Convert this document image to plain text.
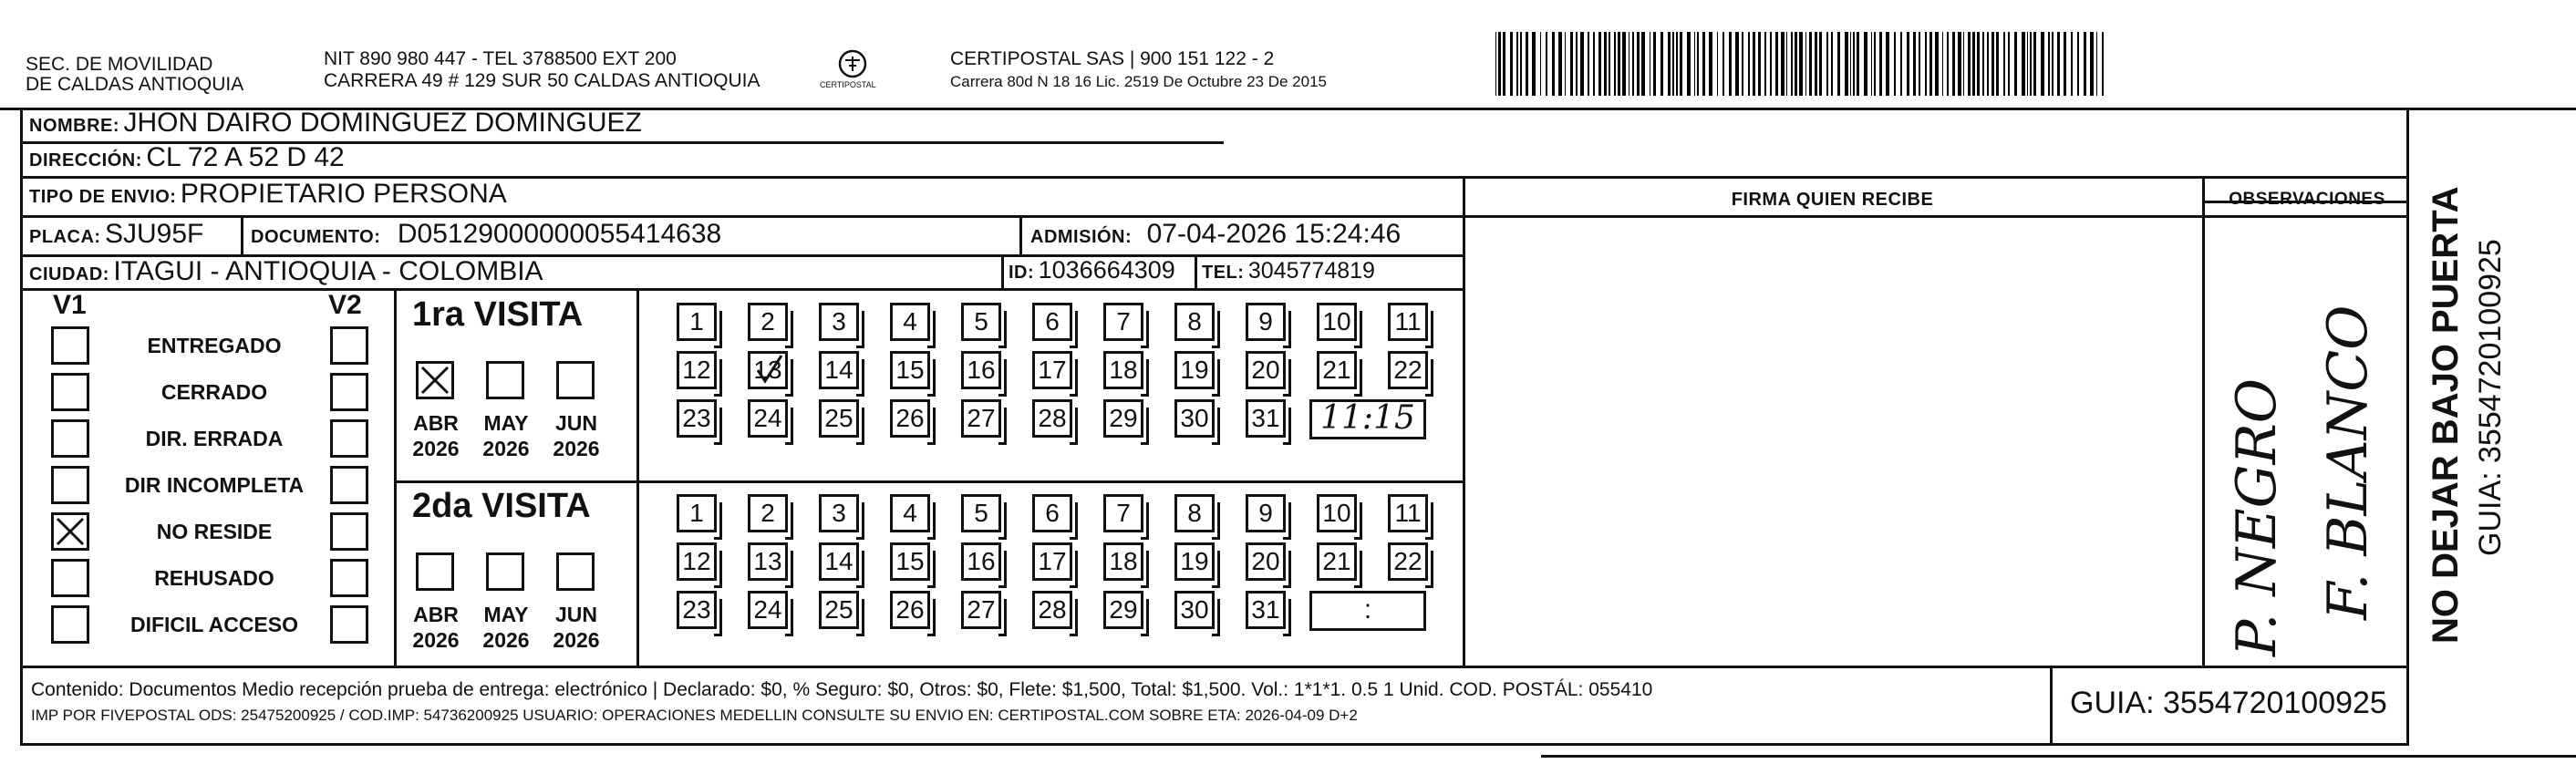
SEC. DE MOVILIDAD
DE CALDAS ANTIOQUIA
NIT 890 980 447 - TEL 3788500 EXT 200
CARRERA 49 # 129 SUR 50 CALDAS ANTIOQUIA	CERTIPOSTAL
CERTIPOSTAL SAS | 900 151 122 - 2
Carrera 80d N 18 16 Lic. 2519 De Octubre 23 De 2015
NOMBRE: JHON DAIRO DOMINGUEZ DOMINGUEZ
DIRECCIÓN: CL 72 A 52 D 42
TIPO DE ENVIO: PROPIETARIO PERSONA	FIRMA QUIEN RECIBE	OBSERVACIONES
PLACA: SJU95F	DOCUMENTO: D05129000000055414638	ADMISIÓN: 07-04-2026 15:24:46
CIUDAD: ITAGUI - ANTIOQUIA - COLOMBIA	ID: 1036664309 TEL: 3045774819
V1	V2
ENTREGADO
CERRADO
DIR. ERRADA
DIR INCOMPLETA
NO RESIDE
REHUSADO
DIFICIL ACCESO
1ra VISITA
2da VISITA
ABR
2026
MAY
2026
JUN
2026
1	2	3	4	5	6	7	8	9	10 11
12 13 14 15 16 17 18 19 20 21 22
23 24 25 26 27 28 29 30 31	11:15
ABR
2026
MAY
2026
JUN
2026
1	2	3	4	5	6	7	8	9	10 11
12 13 14 15 16 17 18 19 20 21 22
23 24 25 26 27 28 29 30 31	:	P. NEGRO F. BLANCO NO DEJAR BAJO PUERTA GUIA: 3554720100925
Contenido: Documentos Medio recepción prueba de entrega: electrónico | Declarado: $0, % Seguro: $0, Otros: $0, Flete: $1,500, Total: $1,500. Vol.: 1*1*1. 0.5 1 Unid. COD. POSTÁL: 055410
IMP POR FIVEPOSTAL ODS: 25475200925 / COD.IMP: 54736200925 USUARIO: OPERACIONES MEDELLIN CONSULTE SU ENVIO EN: CERTIPOSTAL.COM SOBRE ETA: 2026-04-09 D+2	GUIA: 3554720100925
